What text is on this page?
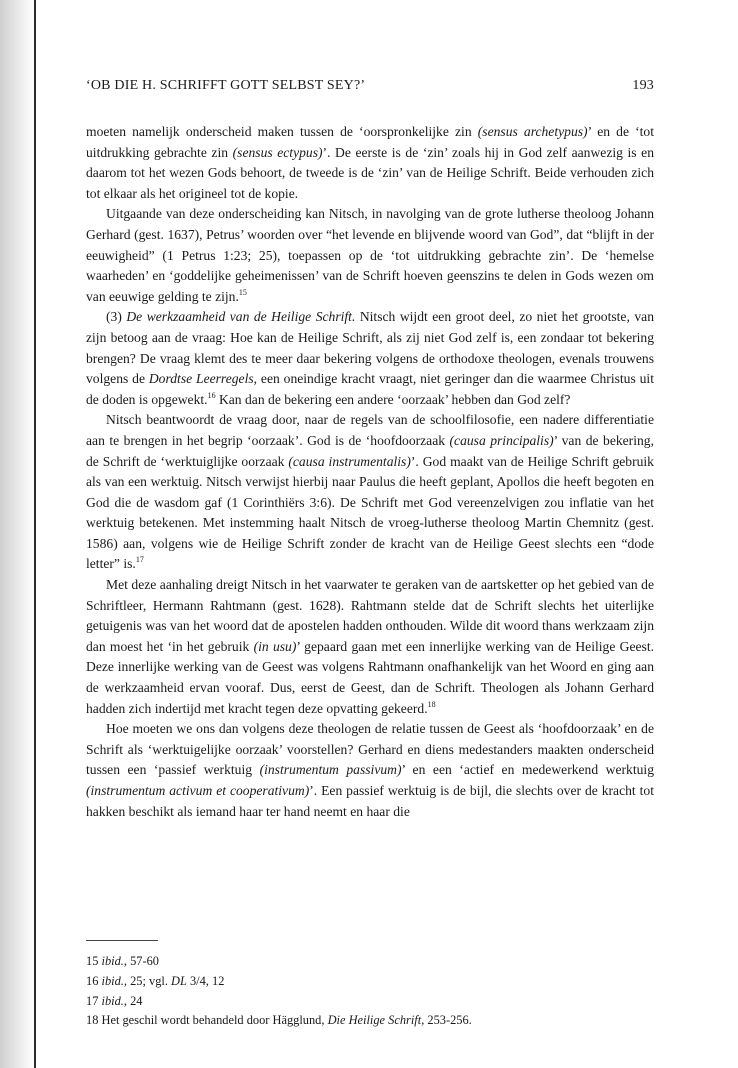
‘OB DIE H. SCHRIFFT GOTT SELBST SEY?’	193

moeten namelijk onderscheid maken tussen de ‘oorspronkelijke zin (sensus archetypus)’ en de ‘tot uitdrukking gebrachte zin (sensus ectypus)’. De eerste is de ‘zin’ zoals hij in God zelf aanwezig is en daarom tot het wezen Gods behoort, de tweede is de ‘zin’ van de Heilige Schrift. Beide verhouden zich tot elkaar als het origineel tot de kopie.

Uitgaande van deze onderscheiding kan Nitsch, in navolging van de grote lutherse theoloog Johann Gerhard (gest. 1637), Petrus’ woorden over “het levende en blijvende woord van God”, dat “blijft in der eeuwigheid” (1 Petrus 1:23; 25), toepassen op de ‘tot uitdrukking gebrachte zin’. De ‘hemelse waarheden’ en ‘goddelijke geheimenissen’ van de Schrift hoeven geenszins te delen in Gods wezen om van eeuwige gelding te zijn.$^{15}$

(3) De werkzaamheid van de Heilige Schrift. Nitsch wijdt een groot deel, zo niet het grootste, van zijn betoog aan de vraag: Hoe kan de Heilige Schrift, als zij niet God zelf is, een zondaar tot bekering brengen? De vraag klemt des te meer daar bekering volgens de orthodoxe theologen, evenals trouwens volgens de Dordtse Leerregels, een oneindige kracht vraagt, niet geringer dan die waarmee Christus uit de doden is opgewekt.$^{16}$ Kan dan de bekering een andere ‘oorzaak’ hebben dan God zelf?

Nitsch beantwoordt de vraag door, naar de regels van de schoolfilosofie, een nadere differentiatie aan te brengen in het begrip ‘oorzaak’. God is de ‘hoofdoorzaak (causa principalis)’ van de bekering, de Schrift de ‘werktuiglijke oorzaak (causa instrumentalis)’. God maakt van de Heilige Schrift gebruik als van een werktuig. Nitsch verwijst hierbij naar Paulus die heeft geplant, Apollos die heeft begoten en God die de wasdom gaf (1 Corinthiërs 3:6). De Schrift met God vereenzelvigen zou inflatie van het werktuig betekenen. Met instemming haalt Nitsch de vroeg-lutherse theoloog Martin Chemnitz (gest. 1586) aan, volgens wie de Heilige Schrift zonder de kracht van de Heilige Geest slechts een “dode letter” is.$^{17}$

Met deze aanhaling dreigt Nitsch in het vaarwater te geraken van de aartsketter op het gebied van de Schriftleer, Hermann Rahtmann (gest. 1628). Rahtmann stelde dat de Schrift slechts het uiterlijke getuigenis was van het woord dat de apostelen hadden onthouden. Wilde dit woord thans werkzaam zijn dan moest het ‘in het gebruik (in usu)’ gepaard gaan met een innerlijke werking van de Heilige Geest. Deze innerlijke werking van de Geest was volgens Rahtmann onafhankelijk van het Woord en ging aan de werkzaamheid ervan vooraf. Dus, eerst de Geest, dan de Schrift. Theologen als Johann Gerhard hadden zich indertijd met kracht tegen deze opvatting gekeerd.$^{18}$

Hoe moeten we ons dan volgens deze theologen de relatie tussen de Geest als ‘hoofdoorzaak’ en de Schrift als ‘werktuigelijke oorzaak’ voorstellen? Gerhard en diens medestanders maakten onderscheid tussen een ‘passief werktuig (instrumentum passivum)’ en een ‘actief en medewerkend werktuig (instrumentum activum et cooperativum)’. Een passief werktuig is de bijl, die slechts over de kracht tot hakken beschikt als iemand haar ter hand neemt en haar die

15 ibid., 57-60
16 ibid., 25; vgl. DL 3/4, 12
17 ibid., 24
18 Het geschil wordt behandeld door Hägglund, Die Heilige Schrift, 253-256.
